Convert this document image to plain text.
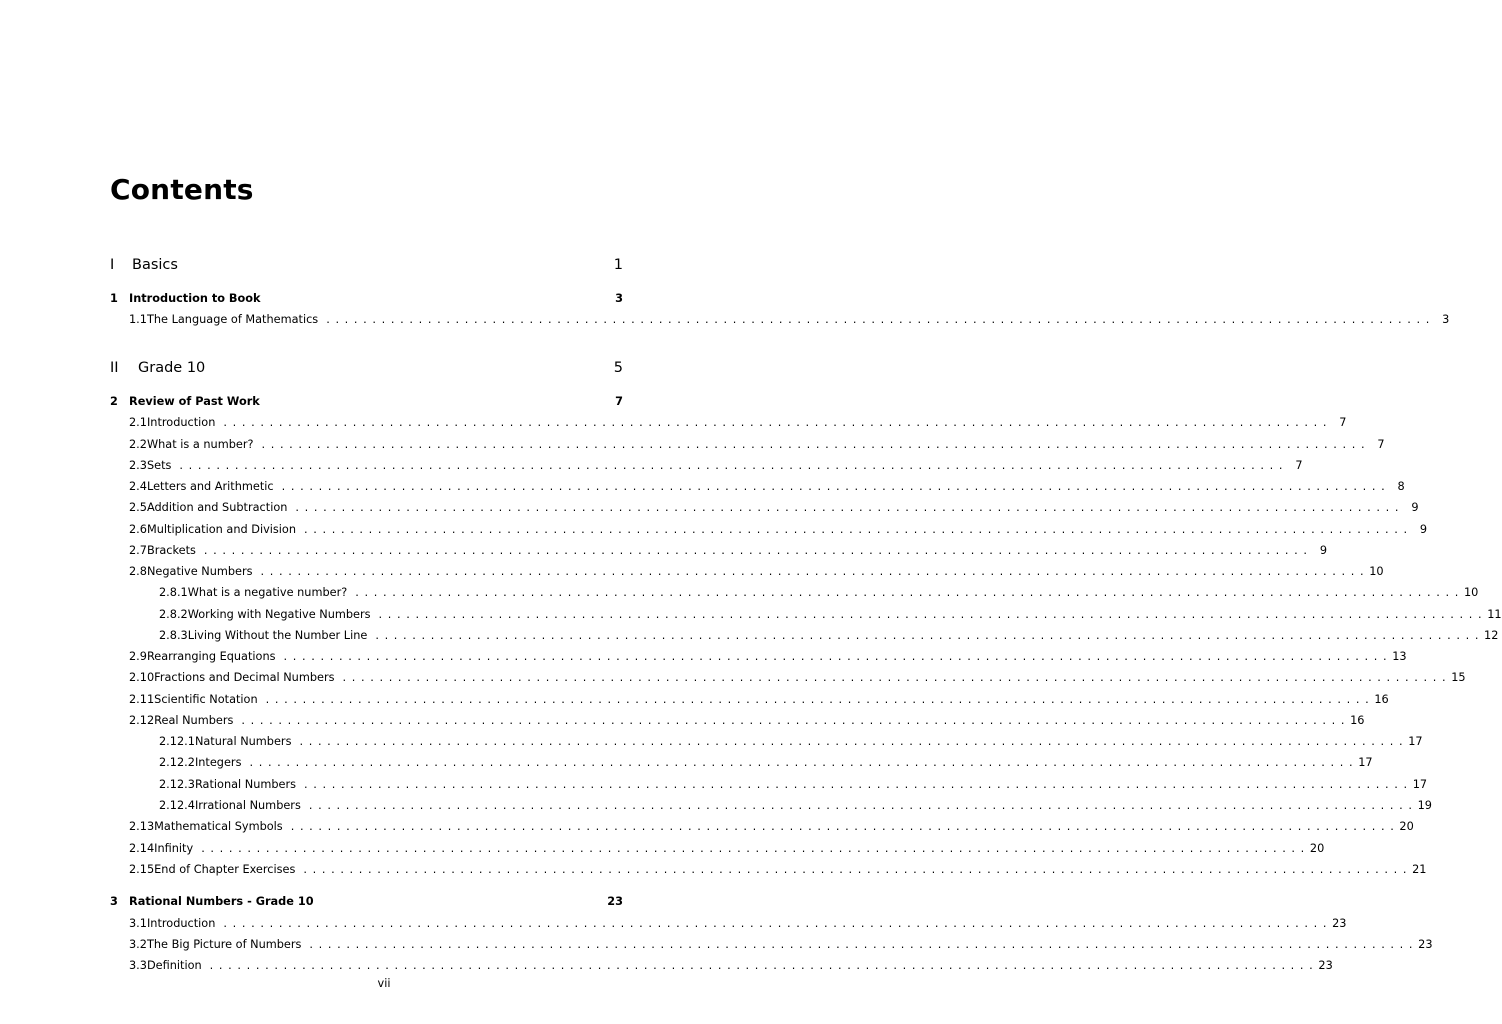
Contents
I	Basics	1
1 Introduction to Book	3
1.1 The Language of Mathematics . . . . . . . . . . . . . . . . . . . . . . . . . . . . . . . . . . . . . . . . . . . . . . . . . . . . . . . . . . . . . . . . . . . . . . . . . . . . . . . . . . . . . . . . . . . . . . . . . . . . . . . . . . . . . . . . . . . . . . . .	3
II	Grade 10	5
2 Review of Past Work	7
2.1 Introduction . . . . . . . . . . . . . . . . . . . . . . . . . . . . . . . . . . . . . . . . . . . . . . . . . . . . . . . . . . . . . . . . . . . . . . . . . . . . . . . . . . . . . . . . . . . . . . . . . . . . . . . . . . . . . . . . . . . . . . . .	7
2.2 What is a number? . . . . . . . . . . . . . . . . . . . . . . . . . . . . . . . . . . . . . . . . . . . . . . . . . . . . . . . . . . . . . . . . . . . . . . . . . . . . . . . . . . . . . . . . . . . . . . . . . . . . . . . . . . . . . . . . . . . . . . . .	7
2.3 Sets . . . . . . . . . . . . . . . . . . . . . . . . . . . . . . . . . . . . . . . . . . . . . . . . . . . . . . . . . . . . . . . . . . . . . . . . . . . . . . . . . . . . . . . . . . . . . . . . . . . . . . . . . . . . . . . . . . . . . . . .	7
2.4 Letters and Arithmetic . . . . . . . . . . . . . . . . . . . . . . . . . . . . . . . . . . . . . . . . . . . . . . . . . . . . . . . . . . . . . . . . . . . . . . . . . . . . . . . . . . . . . . . . . . . . . . . . . . . . . . . . . . . . . . . . . . . . . . . .	8
2.5 Addition and Subtraction . . . . . . . . . . . . . . . . . . . . . . . . . . . . . . . . . . . . . . . . . . . . . . . . . . . . . . . . . . . . . . . . . . . . . . . . . . . . . . . . . . . . . . . . . . . . . . . . . . . . . . . . . . . . . . . . . . . . . . . .	9
2.6 Multiplication and Division . . . . . . . . . . . . . . . . . . . . . . . . . . . . . . . . . . . . . . . . . . . . . . . . . . . . . . . . . . . . . . . . . . . . . . . . . . . . . . . . . . . . . . . . . . . . . . . . . . . . . . . . . . . . . . . . . . . . . . . .	9
2.7 Brackets . . . . . . . . . . . . . . . . . . . . . . . . . . . . . . . . . . . . . . . . . . . . . . . . . . . . . . . . . . . . . . . . . . . . . . . . . . . . . . . . . . . . . . . . . . . . . . . . . . . . . . . . . . . . . . . . . . . . . . . .	9
2.8 Negative Numbers . . . . . . . . . . . . . . . . . . . . . . . . . . . . . . . . . . . . . . . . . . . . . . . . . . . . . . . . . . . . . . . . . . . . . . . . . . . . . . . . . . . . . . . . . . . . . . . . . . . . . . . . . . . . . . . . . . . . . . . . 10
2.8.1 What is a negative number? . . . . . . . . . . . . . . . . . . . . . . . . . . . . . . . . . . . . . . . . . . . . . . . . . . . . . . . . . . . . . . . . . . . . . . . . . . . . . . . . . . . . . . . . . . . . . . . . . . . . . . . . . . . . . . . . . . . . . . . . 10
2.8.2 Working with Negative Numbers . . . . . . . . . . . . . . . . . . . . . . . . . . . . . . . . . . . . . . . . . . . . . . . . . . . . . . . . . . . . . . . . . . . . . . . . . . . . . . . . . . . . . . . . . . . . . . . . . . . . . . . . . . . . . . . . . . . . . . . . 11
2.8.3 Living Without the Number Line . . . . . . . . . . . . . . . . . . . . . . . . . . . . . . . . . . . . . . . . . . . . . . . . . . . . . . . . . . . . . . . . . . . . . . . . . . . . . . . . . . . . . . . . . . . . . . . . . . . . . . . . . . . . . . . . . . . . . . . . 12
2.9 Rearranging Equations . . . . . . . . . . . . . . . . . . . . . . . . . . . . . . . . . . . . . . . . . . . . . . . . . . . . . . . . . . . . . . . . . . . . . . . . . . . . . . . . . . . . . . . . . . . . . . . . . . . . . . . . . . . . . . . . . . . . . . . . 13
2.10 Fractions and Decimal Numbers . . . . . . . . . . . . . . . . . . . . . . . . . . . . . . . . . . . . . . . . . . . . . . . . . . . . . . . . . . . . . . . . . . . . . . . . . . . . . . . . . . . . . . . . . . . . . . . . . . . . . . . . . . . . . . . . . . . . . . . . 15
2.11 Scientific Notation . . . . . . . . . . . . . . . . . . . . . . . . . . . . . . . . . . . . . . . . . . . . . . . . . . . . . . . . . . . . . . . . . . . . . . . . . . . . . . . . . . . . . . . . . . . . . . . . . . . . . . . . . . . . . . . . . . . . . . . . 16
2.12 Real Numbers . . . . . . . . . . . . . . . . . . . . . . . . . . . . . . . . . . . . . . . . . . . . . . . . . . . . . . . . . . . . . . . . . . . . . . . . . . . . . . . . . . . . . . . . . . . . . . . . . . . . . . . . . . . . . . . . . . . . . . . . 16
2.12.1 Natural Numbers . . . . . . . . . . . . . . . . . . . . . . . . . . . . . . . . . . . . . . . . . . . . . . . . . . . . . . . . . . . . . . . . . . . . . . . . . . . . . . . . . . . . . . . . . . . . . . . . . . . . . . . . . . . . . . . . . . . . . . . . 17
2.12.2 Integers . . . . . . . . . . . . . . . . . . . . . . . . . . . . . . . . . . . . . . . . . . . . . . . . . . . . . . . . . . . . . . . . . . . . . . . . . . . . . . . . . . . . . . . . . . . . . . . . . . . . . . . . . . . . . . . . . . . . . . . . 17
2.12.3 Rational Numbers . . . . . . . . . . . . . . . . . . . . . . . . . . . . . . . . . . . . . . . . . . . . . . . . . . . . . . . . . . . . . . . . . . . . . . . . . . . . . . . . . . . . . . . . . . . . . . . . . . . . . . . . . . . . . . . . . . . . . . . . 17
2.12.4 Irrational Numbers . . . . . . . . . . . . . . . . . . . . . . . . . . . . . . . . . . . . . . . . . . . . . . . . . . . . . . . . . . . . . . . . . . . . . . . . . . . . . . . . . . . . . . . . . . . . . . . . . . . . . . . . . . . . . . . . . . . . . . . . 19
2.13 Mathematical Symbols . . . . . . . . . . . . . . . . . . . . . . . . . . . . . . . . . . . . . . . . . . . . . . . . . . . . . . . . . . . . . . . . . . . . . . . . . . . . . . . . . . . . . . . . . . . . . . . . . . . . . . . . . . . . . . . . . . . . . . . . 20
2.14 Infinity . . . . . . . . . . . . . . . . . . . . . . . . . . . . . . . . . . . . . . . . . . . . . . . . . . . . . . . . . . . . . . . . . . . . . . . . . . . . . . . . . . . . . . . . . . . . . . . . . . . . . . . . . . . . . . . . . . . . . . . . 20
2.15 End of Chapter Exercises . . . . . . . . . . . . . . . . . . . . . . . . . . . . . . . . . . . . . . . . . . . . . . . . . . . . . . . . . . . . . . . . . . . . . . . . . . . . . . . . . . . . . . . . . . . . . . . . . . . . . . . . . . . . . . . . . . . . . . . . 21
3 Rational Numbers - Grade 10	23
3.1 Introduction . . . . . . . . . . . . . . . . . . . . . . . . . . . . . . . . . . . . . . . . . . . . . . . . . . . . . . . . . . . . . . . . . . . . . . . . . . . . . . . . . . . . . . . . . . . . . . . . . . . . . . . . . . . . . . . . . . . . . . . . 23
3.2 The Big Picture of Numbers . . . . . . . . . . . . . . . . . . . . . . . . . . . . . . . . . . . . . . . . . . . . . . . . . . . . . . . . . . . . . . . . . . . . . . . . . . . . . . . . . . . . . . . . . . . . . . . . . . . . . . . . . . . . . . . . . . . . . . . . 23
3.3 Definition . . . . . . . . . . . . . . . . . . . . . . . . . . . . . . . . . . . . . . . . . . . . . . . . . . . . . . . . . . . . . . . . . . . . . . . . . . . . . . . . . . . . . . . . . . . . . . . . . . . . . . . . . . . . . . . . . . . . . . . . 23
vii
